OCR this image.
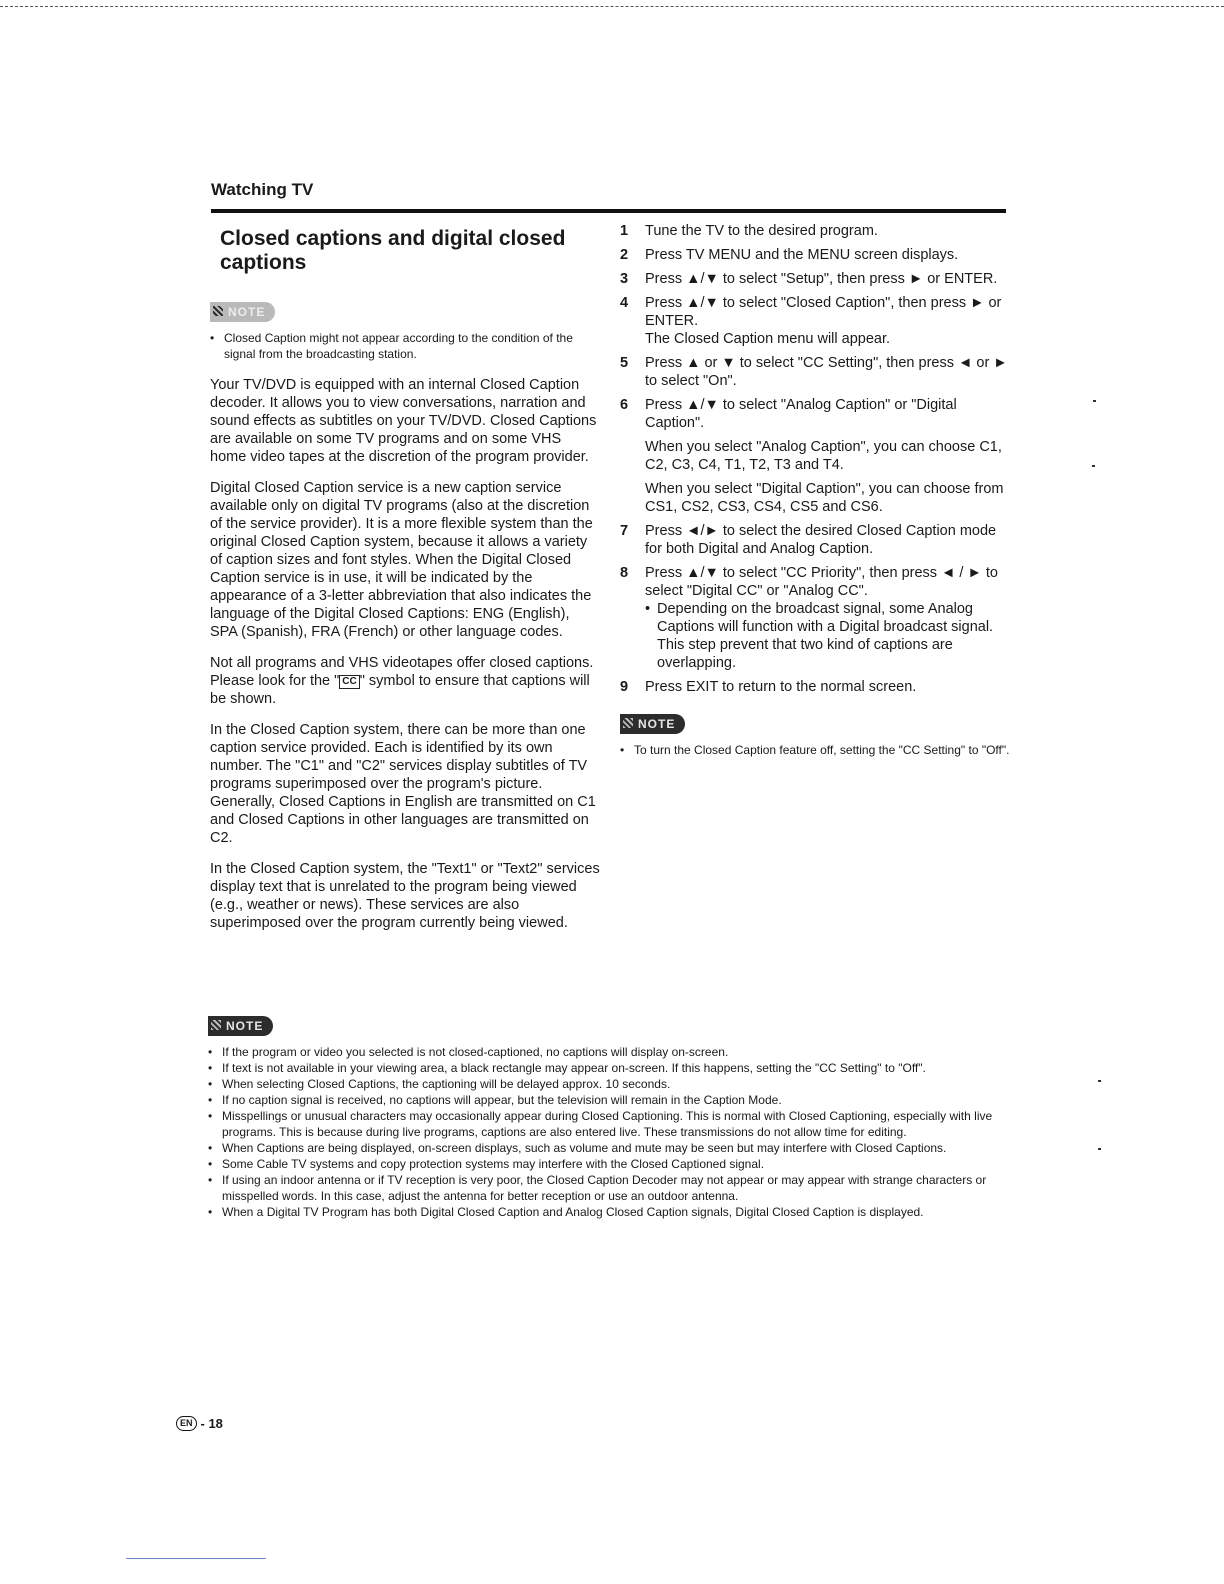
Watching TV
Closed captions and digital closed captions
NOTE
• Closed Caption might not appear according to the condition of the signal from the broadcasting station.

Your TV/DVD is equipped with an internal Closed Caption decoder. It allows you to view conversations, narration and sound effects as subtitles on your TV/DVD. Closed Captions are available on some TV programs and on some VHS home video tapes at the discretion of the program provider.

Digital Closed Caption service is a new caption service available only on digital TV programs (also at the discretion of the service provider). It is a more flexible system than the original Closed Caption system, because it allows a variety of caption sizes and font styles. When the Digital Closed Caption service is in use, it will be indicated by the appearance of a 3-letter abbreviation that also indicates the language of the Digital Closed Captions: ENG (English), SPA (Spanish), FRA (French) or other language codes.

Not all programs and VHS videotapes offer closed captions. Please look for the " CC " symbol to ensure that captions will be shown.

In the Closed Caption system, there can be more than one caption service provided. Each is identified by its own number. The "C1" and "C2" services display subtitles of TV programs superimposed over the program's picture. Generally, Closed Captions in English are transmitted on C1 and Closed Captions in other languages are transmitted on C2.

In the Closed Caption system, the "Text1" or "Text2" services display text that is unrelated to the program being viewed (e.g., weather or news). These services are also superimposed over the program currently being viewed.

1 Tune the TV to the desired program.
2 Press TV MENU and the MENU screen displays.
3 Press ▲/▼ to select "Setup", then press ► or ENTER.
4 Press ▲/▼ to select "Closed Caption", then press ► or ENTER.
The Closed Caption menu will appear.
5 Press ▲ or ▼ to select "CC Setting", then press ◄ or ► to select "On".
6 Press ▲/▼ to select "Analog Caption" or "Digital Caption".
When you select "Analog Caption", you can choose C1, C2, C3, C4, T1, T2, T3 and T4.
When you select "Digital Caption", you can choose from CS1, CS2, CS3, CS4, CS5 and CS6.
7 Press ◄/► to select the desired Closed Caption mode for both Digital and Analog Caption.
8 Press ▲/▼ to select "CC Priority", then press ◄ / ► to select "Digital CC" or "Analog CC".
• Depending on the broadcast signal, some Analog Captions will function with a Digital broadcast signal. This step prevent that two kind of captions are overlapping.
9 Press EXIT to return to the normal screen.
NOTE
• To turn the Closed Caption feature off, setting the "CC Setting" to "Off".
NOTE
• If the program or video you selected is not closed-captioned, no captions will display on-screen.
• If text is not available in your viewing area, a black rectangle may appear on-screen. If this happens, setting the "CC Setting" to "Off".
• When selecting Closed Captions, the captioning will be delayed approx. 10 seconds.
• If no caption signal is received, no captions will appear, but the television will remain in the Caption Mode.
• Misspellings or unusual characters may occasionally appear during Closed Captioning. This is normal with Closed Captioning, especially with live programs. This is because during live programs, captions are also entered live. These transmissions do not allow time for editing.
• When Captions are being displayed, on-screen displays, such as volume and mute may be seen but may interfere with Closed Captions.
• Some Cable TV systems and copy protection systems may interfere with the Closed Captioned signal.
• If using an indoor antenna or if TV reception is very poor, the Closed Caption Decoder may not appear or may appear with strange characters or misspelled words. In this case, adjust the antenna for better reception or use an outdoor antenna.
• When a Digital TV Program has both Digital Closed Caption and Analog Closed Caption signals, Digital Closed Caption is displayed.
EN - 18
